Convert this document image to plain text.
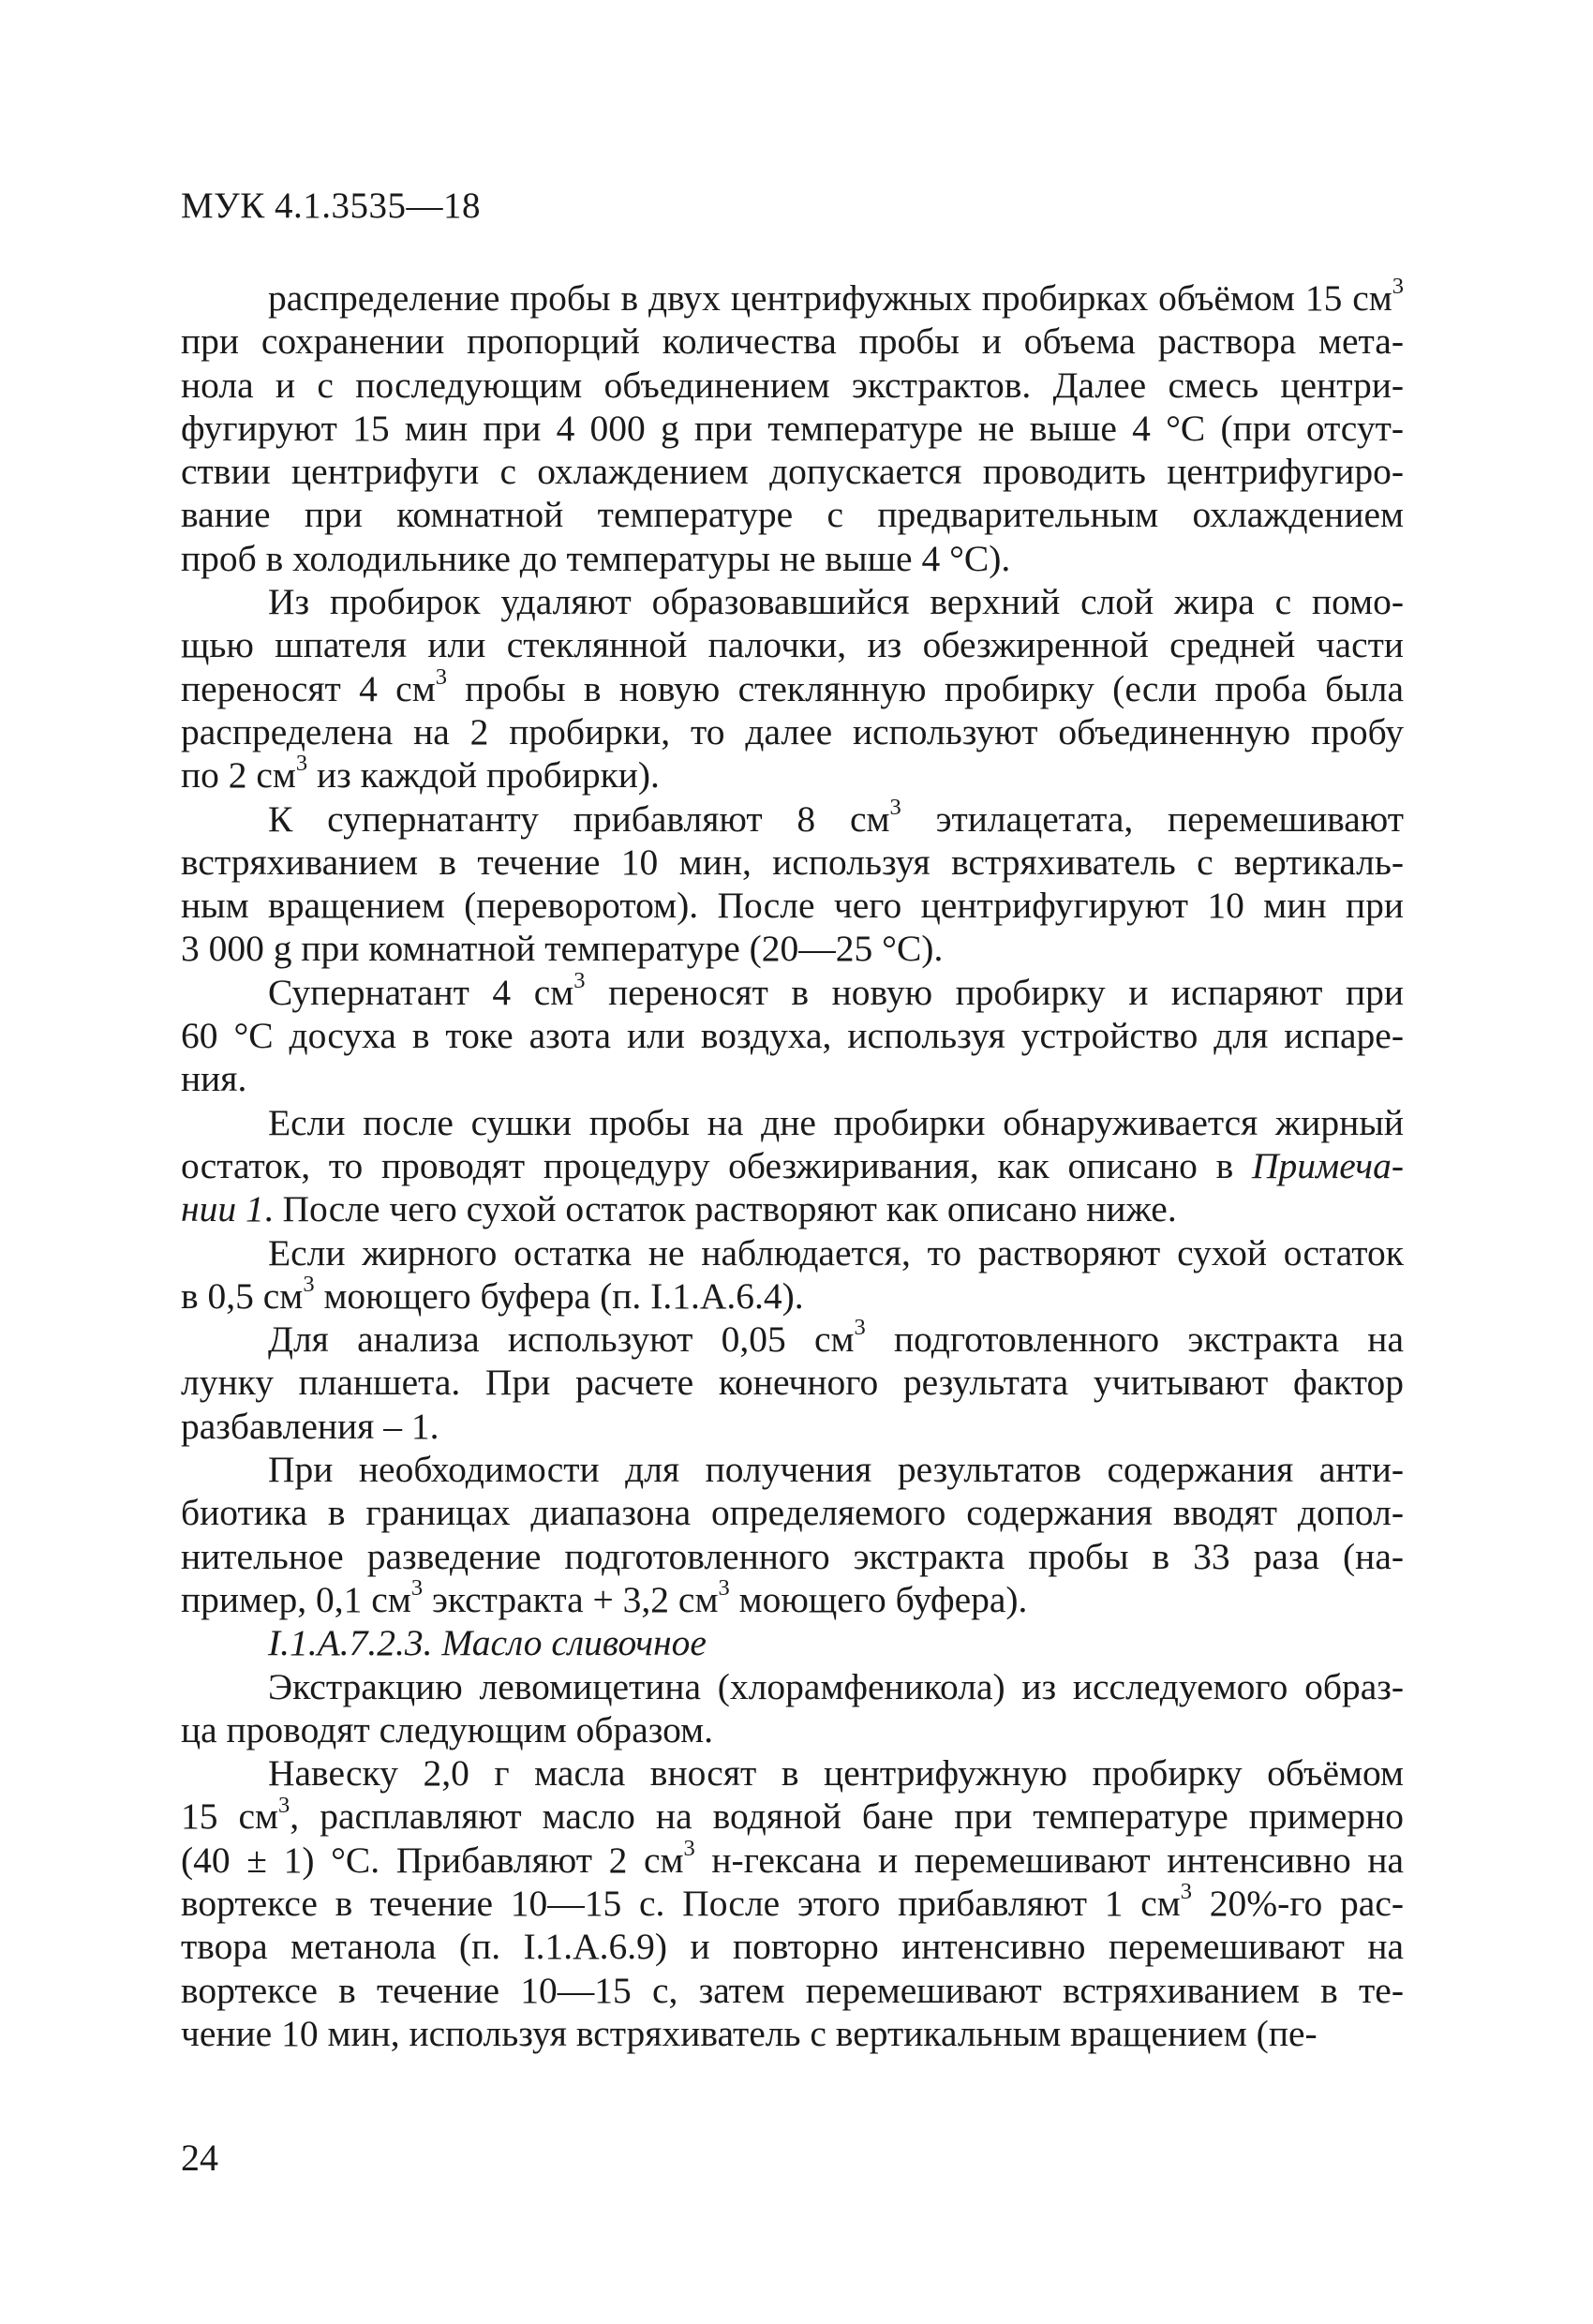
МУК 4.1.3535—18
распределение пробы в двух центрифужных пробирках объёмом 15 $см^3$
при сохранении пропорций количества пробы и объема раствора мета-
нола и с последующим объединением экстрактов. Далее смесь центри-
фугируют 15 мин при 4 000 g при температуре не выше 4 °С (при отсут-
ствии центрифуги с охлаждением допускается проводить центрифугиро-
вание при комнатной температуре с предварительным охлаждением
проб в холодильнике до температуры не выше 4 °С).
Из пробирок удаляют образовавшийся верхний слой жира с помо-
щью шпателя или стеклянной палочки, из обезжиренной средней части
переносят 4 $см^3$ пробы в новую стеклянную пробирку (если проба была
распределена на 2 пробирки, то далее используют объединенную пробу
по 2 $см^3$ из каждой пробирки).
К супернатанту прибавляют 8 $см^3$ этилацетата, перемешивают
встряхиванием в течение 10 мин, используя встряхиватель с вертикаль-
ным вращением (переворотом). После чего центрифугируют 10 мин при
3 000 g при комнатной температуре (20—25 °С).
Супернатант 4 $см^3$ переносят в новую пробирку и испаряют при
60 °С досуха в токе азота или воздуха, используя устройство для испаре-
ния.
Если после сушки пробы на дне пробирки обнаруживается жирный
остаток, то проводят процедуру обезжиривания, как описано в Примеча-
нии 1. После чего сухой остаток растворяют как описано ниже.
Если жирного остатка не наблюдается, то растворяют сухой остаток
в 0,5 $см^3$ моющего буфера (п. I.1.А.6.4).
Для анализа используют 0,05 $см^3$ подготовленного экстракта на
лунку планшета. При расчете конечного результата учитывают фактор
разбавления – 1.
При необходимости для получения результатов содержания анти-
биотика в границах диапазона определяемого содержания вводят допол-
нительное разведение подготовленного экстракта пробы в 33 раза (на-
пример, 0,1 $см^3$ экстракта + 3,2 $см^3$ моющего буфера).
I.1.А.7.2.3. Масло сливочное
Экстракцию левомицетина (хлорамфеникола) из исследуемого образ-
ца проводят следующим образом.
Навеску 2,0 г масла вносят в центрифужную пробирку объёмом
15 $см^3$, расплавляют масло на водяной бане при температуре примерно
(40 ± 1) °С. Прибавляют 2 $см^3$ н-гексана и перемешивают интенсивно на
вортексе в течение 10—15 с. После этого прибавляют 1 $см^3$ 20%-го рас-
твора метанола (п. I.1.А.6.9) и повторно интенсивно перемешивают на
вортексе в течение 10—15 с, затем перемешивают встряхиванием в те-
чение 10 мин, используя встряхиватель с вертикальным вращением (пе-
24
